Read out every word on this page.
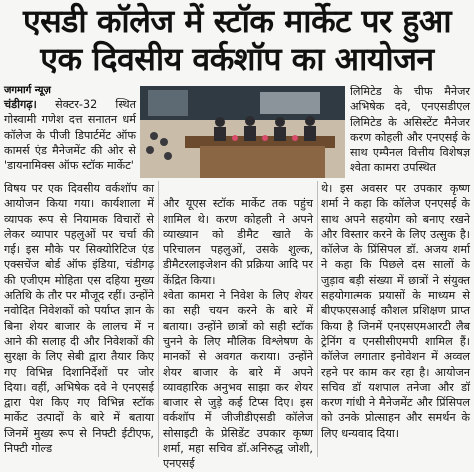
एसडी कॉलेज में स्टॉक मार्केट पर हुआ
एक दिवसीय वर्कशॉप का आयोजन
जगमार्ग न्यूज़
चंडीगढ़। सेक्टर-32 स्थित गोस्वामी गणेश दत्त सनातन धर्म कॉलेज के पीजी डिपार्टमेंट ऑफ कामर्स एंड मैनेजमेंट की ओर से 'डायनामिक्स ऑफ स्टॉक मार्केट'
लिमिटेड के चीफ मैनेजर अभिषेक दवे, एनएसडीएल लिमिटेड के असिस्टेंट मैनेजर करण कोहली और एनएसई के साथ एम्पैनल वित्तीय विशेषज्ञ श्वेता कामरा उपस्थित
विषय पर एक दिवसीय वर्कशॉप का आयोजन किया गया। कार्यशाला में व्यापक रूप से नियामक विचारों से लेकर व्यापार पहलुओं पर चर्चा की गई। इस मौके पर सिक्योरिटिज एंड एक्सचेंज बोर्ड ऑफ इंडिया, चंडीगढ़ की एजीएम मोहिता एस दहिया मुख्य अतिथि के तौर पर मौजूद रहीं। उन्होंने नवोदित निवेशकों को पर्याप्त ज्ञान के बिना शेयर बाजार के लालच में न आने की सलाह दी और निवेशकों की सुरक्षा के लिए सेबी द्वारा तैयार किए गए विभिन्न दिशानिर्देशों पर जोर दिया। वहीं, अभिषेक दवे ने एनएसई द्वारा पेश किए गए विभिन्न स्टॉक मार्केट उत्पादों के बारे में बताया जिनमें मुख्य रूप से निफ्टी ईटीएफ, निफ्टी गोल्ड

और यूएस स्टॉक मार्केट तक पहुंच शामिल थे। करण कोहली ने अपने व्याख्यान को डीमैट खाते के परिचालन पहलुओं, उसके शुल्क, डीमैटरलाइजेशन की प्रक्रिया आदि पर केंद्रित किया।
श्वेता कामरा ने निवेश के लिए शेयर का सही चयन करने के बारे में बताया। उन्होंने छात्रों को सही स्टॉक चुनने के लिए मौलिक विश्लेषण के मानकों से अवगत कराया। उन्होंने शेयर बाजार के बारे में अपने व्यावहारिक अनुभव साझा कर शेयर बाजार से जुड़े कई टिप्स दिए। इस वर्कशॉप में जीजीडीएसडी कॉलेज सोसाइटी के प्रेसिडेंट उपकार कृष्ण शर्मा, महा सचिव डॉ.अनिरुद्ध जोशी, एनएसई

थे। इस अवसर पर उपकार कृष्ण शर्मा ने कहा कि कॉलेज एनएसई के साथ अपने सहयोग को बनाए रखने और विस्तार करने के लिए उत्सुक है। कॉलेज के प्रिंसिपल डॉ. अजय शर्मा ने कहा कि पिछले दस सालों के जुड़ाव बड़ी संख्या में छात्रों ने संयुक्त सहयोगात्मक प्रयासों के माध्यम से बीएफएसआई कौशल प्रशिक्षण प्राप्त किया है जिनमें एनएसएमआरटी लैब ट्रेनिंग व एनसीसीएमपी शामिल हैं। कॉलेज लगातार इनोवेशन में अव्वल रहने पर काम कर रहा है। आयोजन सचिव डॉ यशपाल तनेजा और डॉ करण गांधी ने मैनेजमेंट और प्रिंसिपल को उनके प्रोत्साहन और समर्थन के लिए धन्यवाद दिया।
